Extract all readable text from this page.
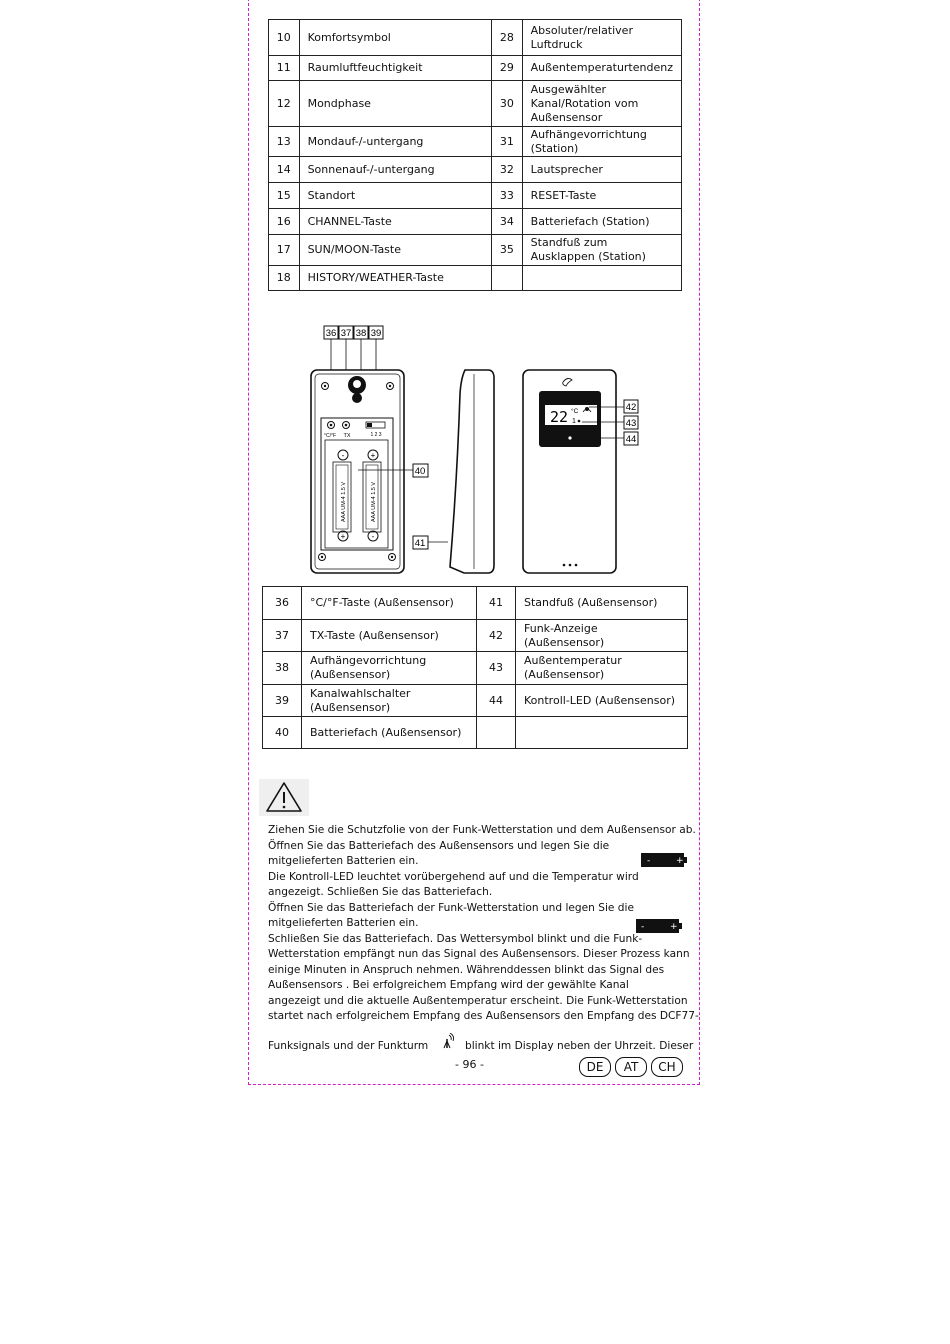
10	Komfortsymbol	28	Absoluter/relativer Luftdruck
11	Raumluftfeuchtigkeit	29	Außentemperaturtendenz
12	Mondphase	30	Ausgewählter Kanal/Rotation vom Außensensor
13	Mondauf-/-untergang	31	Aufhängevorrichtung (Station)
14	Sonnenauf-/-untergang	32	Lautsprecher
15	Standort	33	RESET-Taste
16	CHANNEL-Taste	34	Batteriefach (Station)
17	SUN/MOON-Taste	35	Standfuß zum Ausklappen (Station)
18	HISTORY/WEATHER-Taste		
36 37 38 39
°C/°F TX	1 2 3
-
AAA UM-4 1.5 V
+
+
AAA UM-4 1.5 V
-
40
41
22 °C
1
42
43
44
36	°C/°F-Taste (Außensensor)	41	Standfuß (Außensensor)
37	TX-Taste (Außensensor)	42	Funk-Anzeige (Außensensor)
38	Aufhängevorrichtung (Außensensor)	43	Außentemperatur (Außensensor)
39	Kanalwahlschalter (Außensensor)	44	Kontroll-LED (Außensensor)
40	Batteriefach (Außensensor)		

Ziehen Sie die Schutzfolie von der Funk-Wetterstation und dem Außensensor ab.

Öffnen Sie das Batteriefach des Außensensors und legen Sie die

mitgelieferten Batterien ein.

Die Kontroll-LED leuchtet vorübergehend auf und die Temperatur wird

angezeigt. Schließen Sie das Batteriefach.

Öffnen Sie das Batteriefach der Funk-Wetterstation und legen Sie die

mitgelieferten Batterien ein.

Schließen Sie das Batteriefach. Das Wettersymbol blinkt und die Funk-

Wetterstation empfängt nun das Signal des Außensensors. Dieser Prozess kann

einige Minuten in Anspruch nehmen. Währenddessen blinkt das Signal des

Außensensors . Bei erfolgreichem Empfang wird der gewählte Kanal

angezeigt und die aktuelle Außentemperatur erscheint. Die Funk-Wetterstation

startet nach erfolgreichem Empfang des Außensensors den Empfang des DCF77-

Funksignals und der Funkturm	blinkt im Display neben der Uhrzeit. Dieser

-	+
-	+
- 96 -	DE	AT	CH
